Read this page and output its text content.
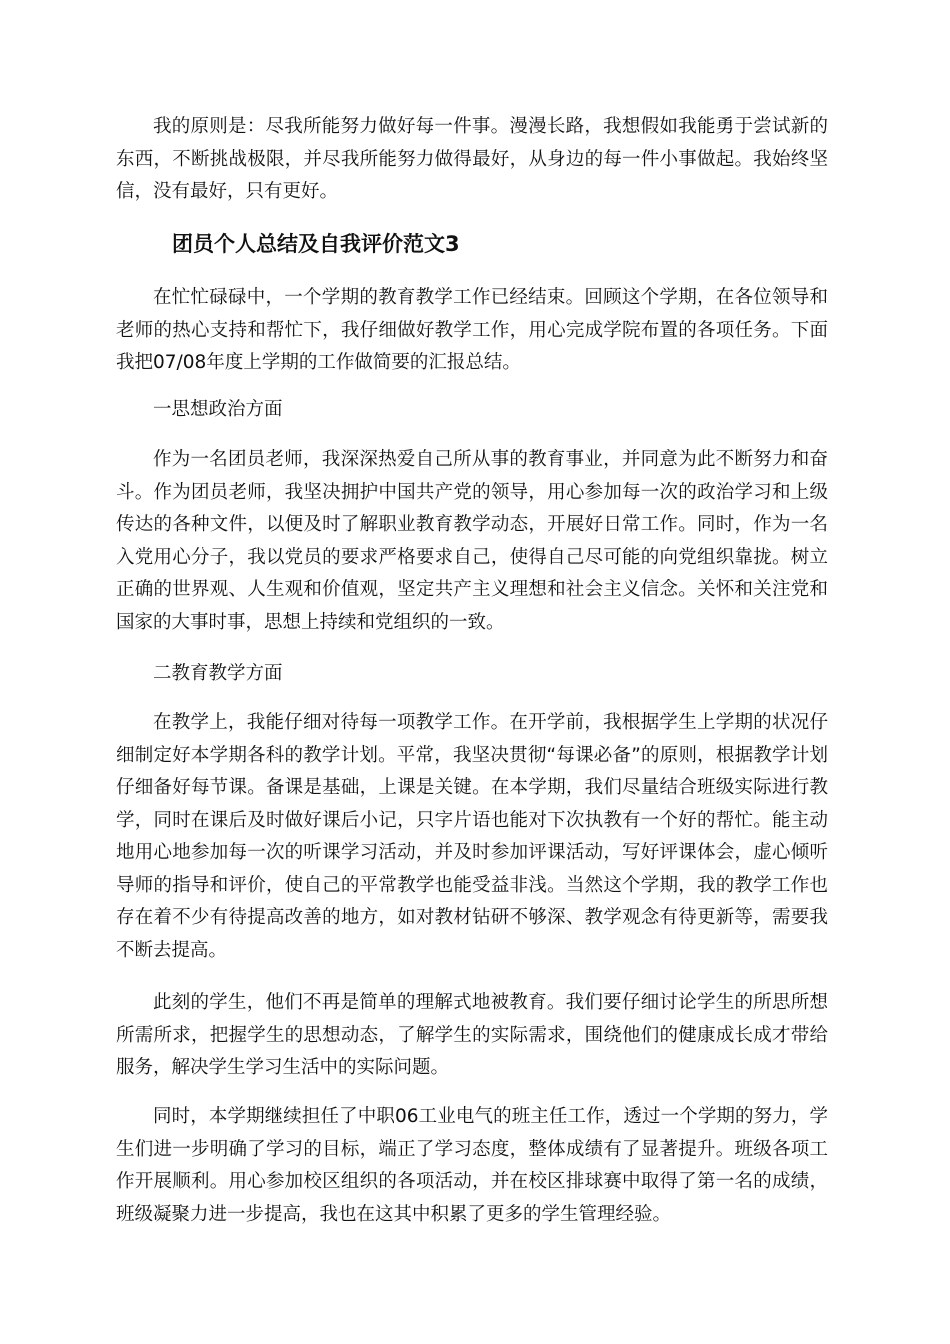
我的原则是：尽我所能努力做好每一件事。漫漫长路，我想假如我能勇于尝试新的东西，不断挑战极限，并尽我所能努力做得最好，从身边的每一件小事做起。我始终坚信，没有最好，只有更好。

团员个人总结及自我评价范文3

在忙忙碌碌中，一个学期的教育教学工作已经结束。回顾这个学期，在各位领导和老师的热心支持和帮忙下，我仔细做好教学工作，用心完成学院布置的各项任务。下面我把07/08年度上学期的工作做简要的汇报总结。

一思想政治方面

作为一名团员老师，我深深热爱自己所从事的教育事业，并同意为此不断努力和奋斗。作为团员老师，我坚决拥护中国共产党的领导，用心参加每一次的政治学习和上级传达的各种文件，以便及时了解职业教育教学动态，开展好日常工作。同时，作为一名入党用心分子，我以党员的要求严格要求自己，使得自己尽可能的向党组织靠拢。树立正确的世界观、人生观和价值观，坚定共产主义理想和社会主义信念。关怀和关注党和国家的大事时事，思想上持续和党组织的一致。

二教育教学方面

在教学上，我能仔细对待每一项教学工作。在开学前，我根据学生上学期的状况仔细制定好本学期各科的教学计划。平常，我坚决贯彻“每课必备”的原则，根据教学计划仔细备好每节课。备课是基础，上课是关键。在本学期，我们尽量结合班级实际进行教学，同时在课后及时做好课后小记，只字片语也能对下次执教有一个好的帮忙。能主动地用心地参加每一次的听课学习活动，并及时参加评课活动，写好评课体会，虚心倾听导师的指导和评价，使自己的平常教学也能受益非浅。当然这个学期，我的教学工作也存在着不少有待提高改善的地方，如对教材钻研不够深、教学观念有待更新等，需要我不断去提高。

此刻的学生，他们不再是简单的理解式地被教育。我们要仔细讨论学生的所思所想所需所求，把握学生的思想动态，了解学生的实际需求，围绕他们的健康成长成才带给服务，解决学生学习生活中的实际问题。

同时，本学期继续担任了中职06工业电气的班主任工作，透过一个学期的努力，学生们进一步明确了学习的目标，端正了学习态度，整体成绩有了显著提升。班级各项工作开展顺利。用心参加校区组织的各项活动，并在校区排球赛中取得了第一名的成绩，班级凝聚力进一步提高，我也在这其中积累了更多的学生管理经验。
